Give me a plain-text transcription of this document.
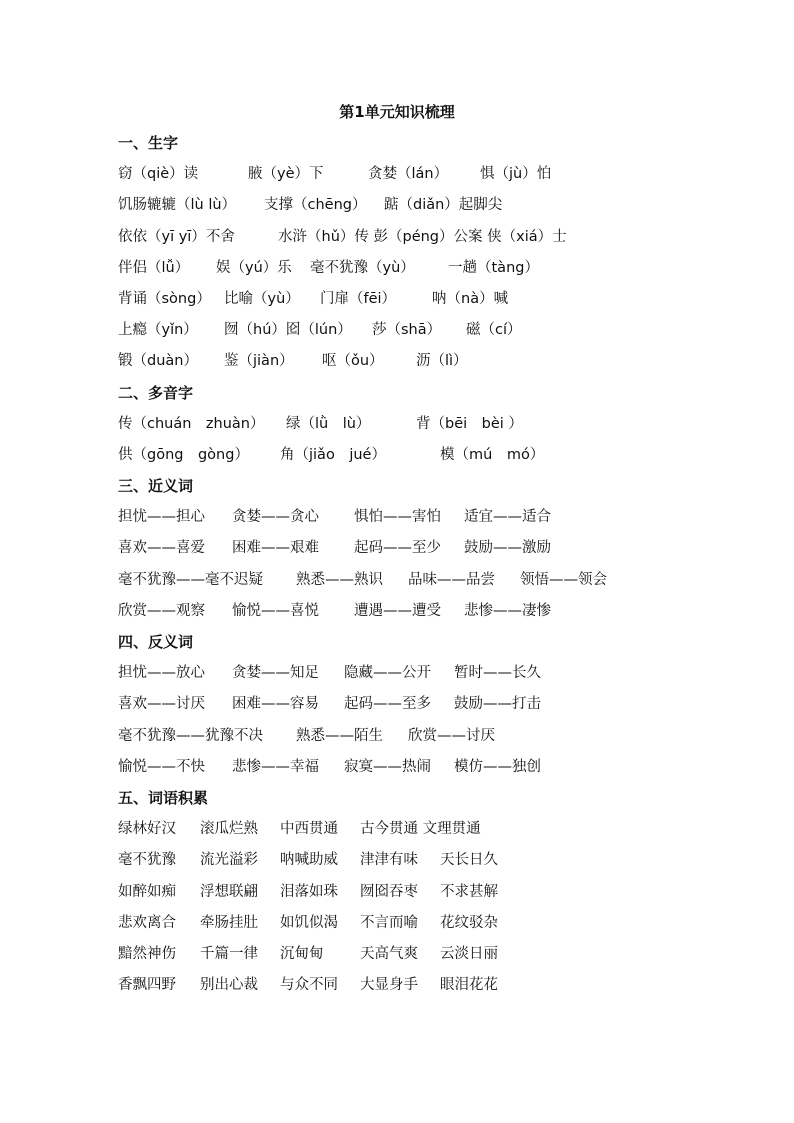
第1单元知识梳理
一、生字
窃（qiè）读	腋（yè）下	贪婪（lán） 惧（jù）怕
饥肠辘辘（lù lù） 支撑（chēng） 踮（diǎn）起脚尖
依依（yī yī）不舍	水浒（hǔ）传 彭（péng）公案 侠（xiá）士
伴侣（lǚ） 娱（yú）乐 毫不犹豫（yù） 一趟（tàng）
背诵（sòng） 比喻（yù） 门扉（fēi） 呐（nà）喊
上瘾（yǐn） 囫（hú）囵（lún） 莎（shā） 磁（cí）
锻（duàn） 鉴（jiàn） 呕（ǒu） 沥（lì）
二、多音字
传（chuán　zhuàn） 绿（lǜ　lù）	背（bēi　bèi ）
供（gōng　gòng） 角（jiǎo　jué）	模（mú　mó）
三、近义词
担忧——担心 贪婪——贪心 惧怕——害怕 适宜——适合
喜欢——喜爱 困难——艰难 起码——至少 鼓励——激励
毫不犹豫——毫不迟疑 熟悉——熟识 品味——品尝 领悟——领会
欣赏——观察 愉悦——喜悦 遭遇——遭受 悲惨——凄惨
四、反义词
担忧——放心 贪婪——知足 隐藏——公开 暂时——长久
喜欢——讨厌 困难——容易 起码——至多 鼓励——打击
毫不犹豫——犹豫不决 熟悉——陌生 欣赏——讨厌
愉悦——不快 悲惨——幸福 寂寞——热闹 模仿——独创
五、词语积累
绿林好汉 滚瓜烂熟 中西贯通 古今贯通 文理贯通
毫不犹豫 流光溢彩 呐喊助威 津津有味 天长日久
如醉如痴 浮想联翩 泪落如珠 囫囵吞枣 不求甚解
悲欢离合 牵肠挂肚 如饥似渴 不言而喻 花纹驳杂
黯然神伤 千篇一律 沉甸甸	天高气爽 云淡日丽
香飘四野 别出心裁 与众不同 大显身手 眼泪花花
